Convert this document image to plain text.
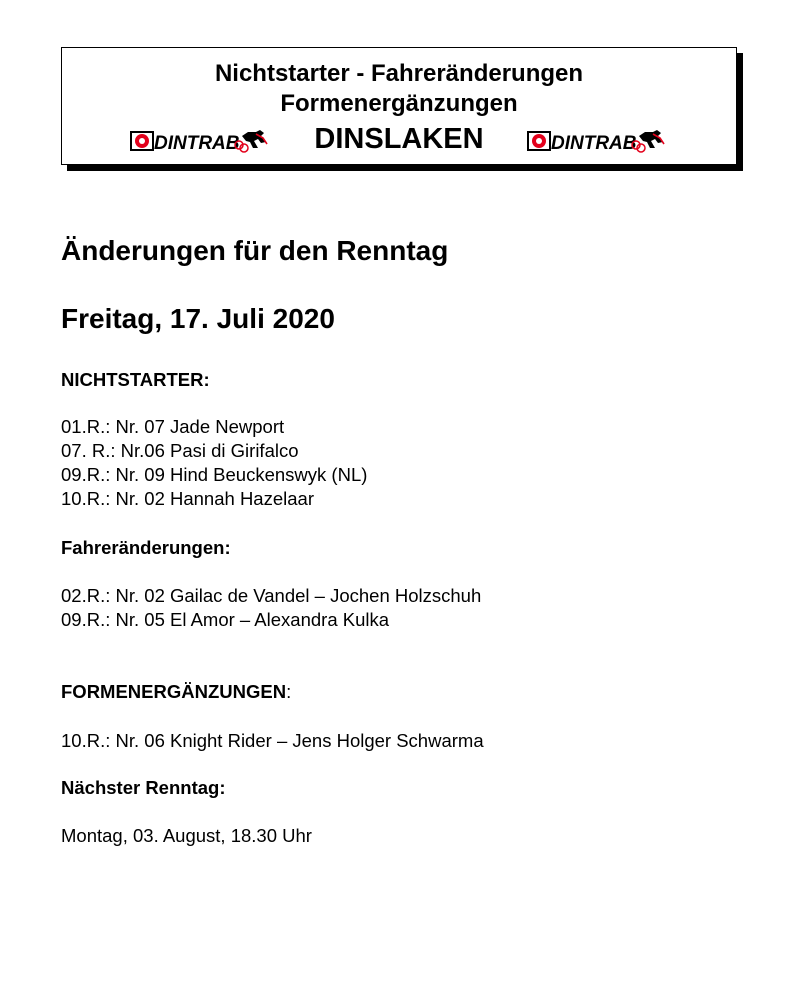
Nichtstarter - Fahreränderungen
Formenergänzungen
DINTRAB	DINSLAKEN	DINTRAB
Änderungen für den Renntag
Freitag, 17. Juli 2020
NICHTSTARTER:
01.R.: Nr. 07 Jade Newport
07. R.: Nr.06 Pasi di Girifalco
09.R.: Nr. 09 Hind Beuckenswyk (NL)
10.R.: Nr. 02 Hannah Hazelaar
Fahreränderungen:
02.R.: Nr. 02 Gailac de Vandel – Jochen Holzschuh
09.R.: Nr. 05 El Amor – Alexandra Kulka
FORMENERGÄNZUNGEN:
10.R.: Nr. 06 Knight Rider – Jens Holger Schwarma
Nächster Renntag:
Montag, 03. August, 18.30 Uhr
